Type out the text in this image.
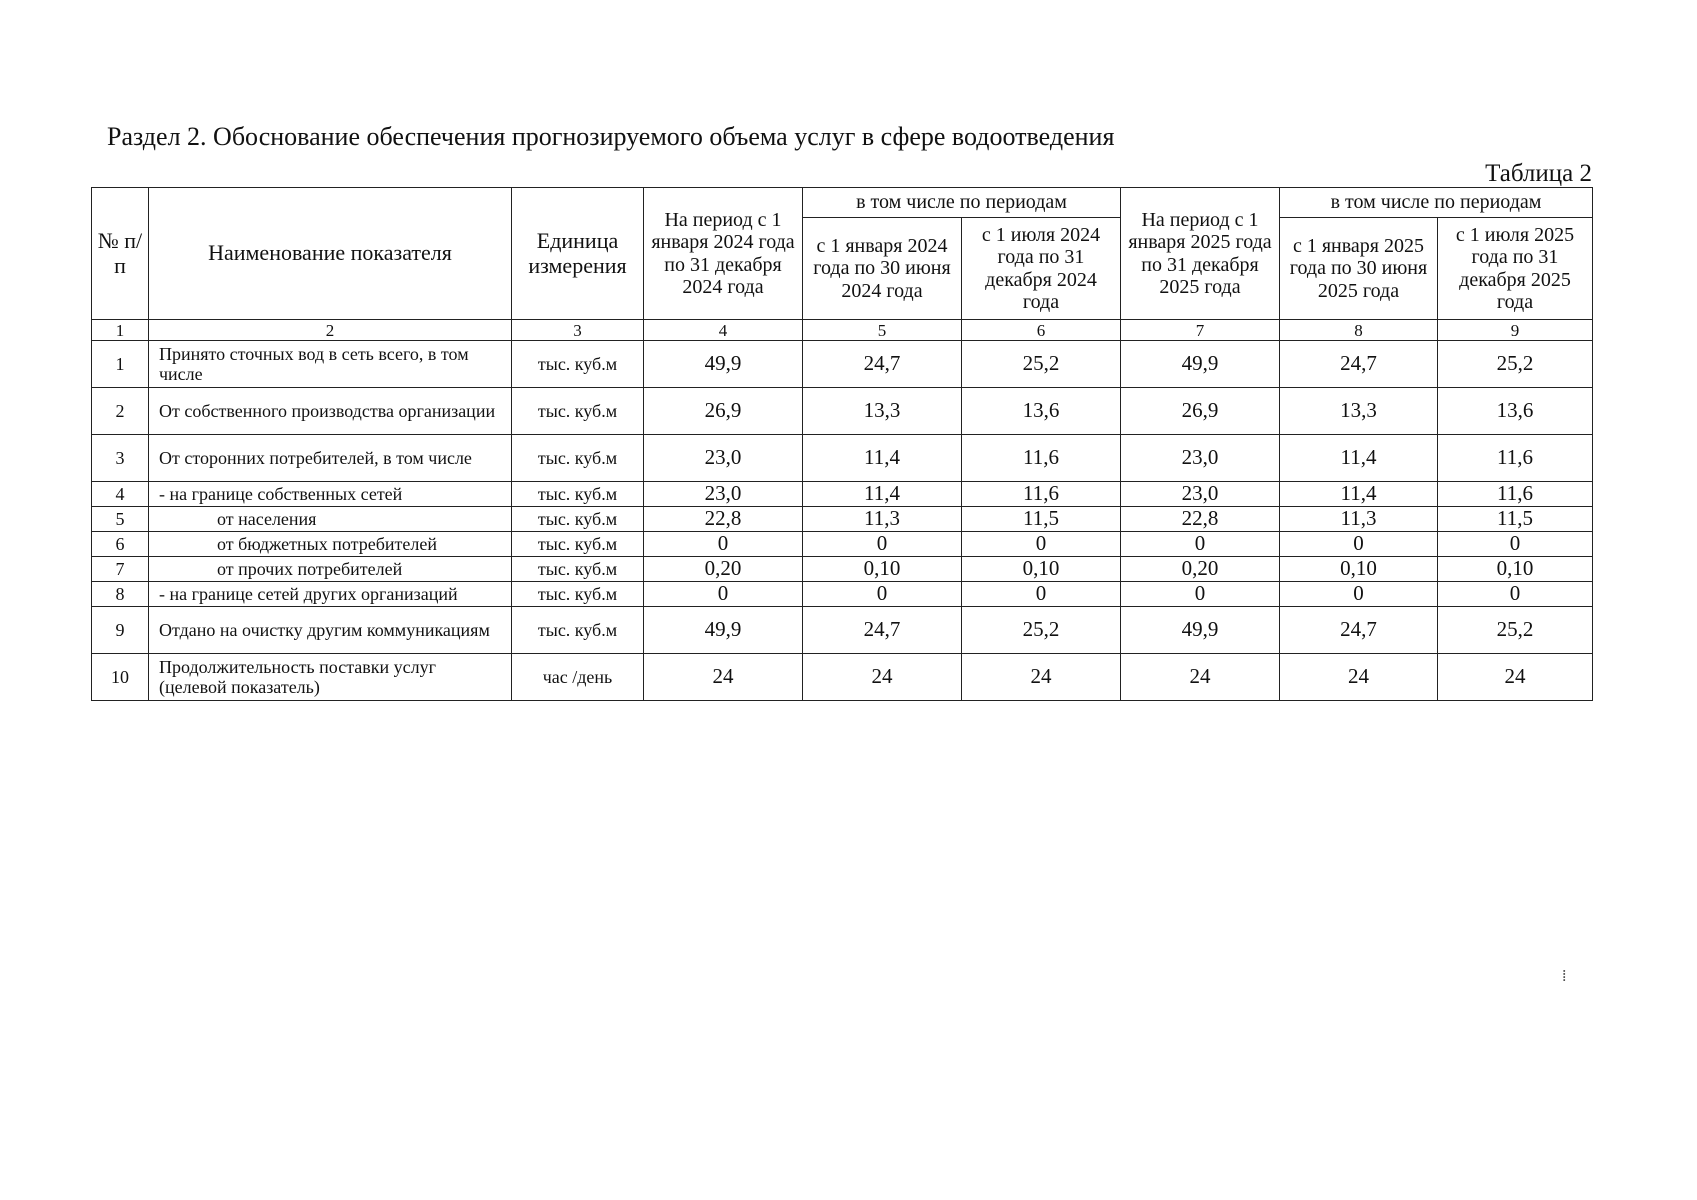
Раздел 2. Обоснование обеспечения прогнозируемого объема услуг в сфере водоотведения
Таблица 2
№ п/п	Наименование показателя	Единица измерения	На период с 1 января 2024 года по 31 декабря 2024 года	в том числе по периодам		На период с 1 января 2025 года по 31 декабря 2025 года	в том числе по периодам	
				с 1 января 2024 года по 30 июня 2024 года	с 1 июля 2024 года по 31 декабря 2024 года		с 1 января 2025 года по 30 июня 2025 года	с 1 июля 2025 года по 31 декабря 2025 года
1	2	3	4	5	6	7	8	9
1	Принято сточных вод в сеть всего, в том числе	тыс. куб.м	49,9	24,7	25,2	49,9	24,7	25,2
2	От собственного производства организации	тыс. куб.м	26,9	13,3	13,6	26,9	13,3	13,6
3	От сторонних потребителей, в том числе	тыс. куб.м	23,0	11,4	11,6	23,0	11,4	11,6
4	- на границе собственных сетей	тыс. куб.м	23,0	11,4	11,6	23,0	11,4	11,6
5	от населения	тыс. куб.м	22,8	11,3	11,5	22,8	11,3	11,5
6	от бюджетных потребителей	тыс. куб.м	0	0	0	0	0	0
7	от прочих потребителей	тыс. куб.м	0,20	0,10	0,10	0,20	0,10	0,10
8	- на границе сетей других организаций	тыс. куб.м	0	0	0	0	0	0
9	Отдано на очистку другим коммуникациям	тыс. куб.м	49,9	24,7	25,2	49,9	24,7	25,2
10	Продолжительность поставки услуг (целевой показатель)	час /день	24	24	24	24	24	24
⁞
